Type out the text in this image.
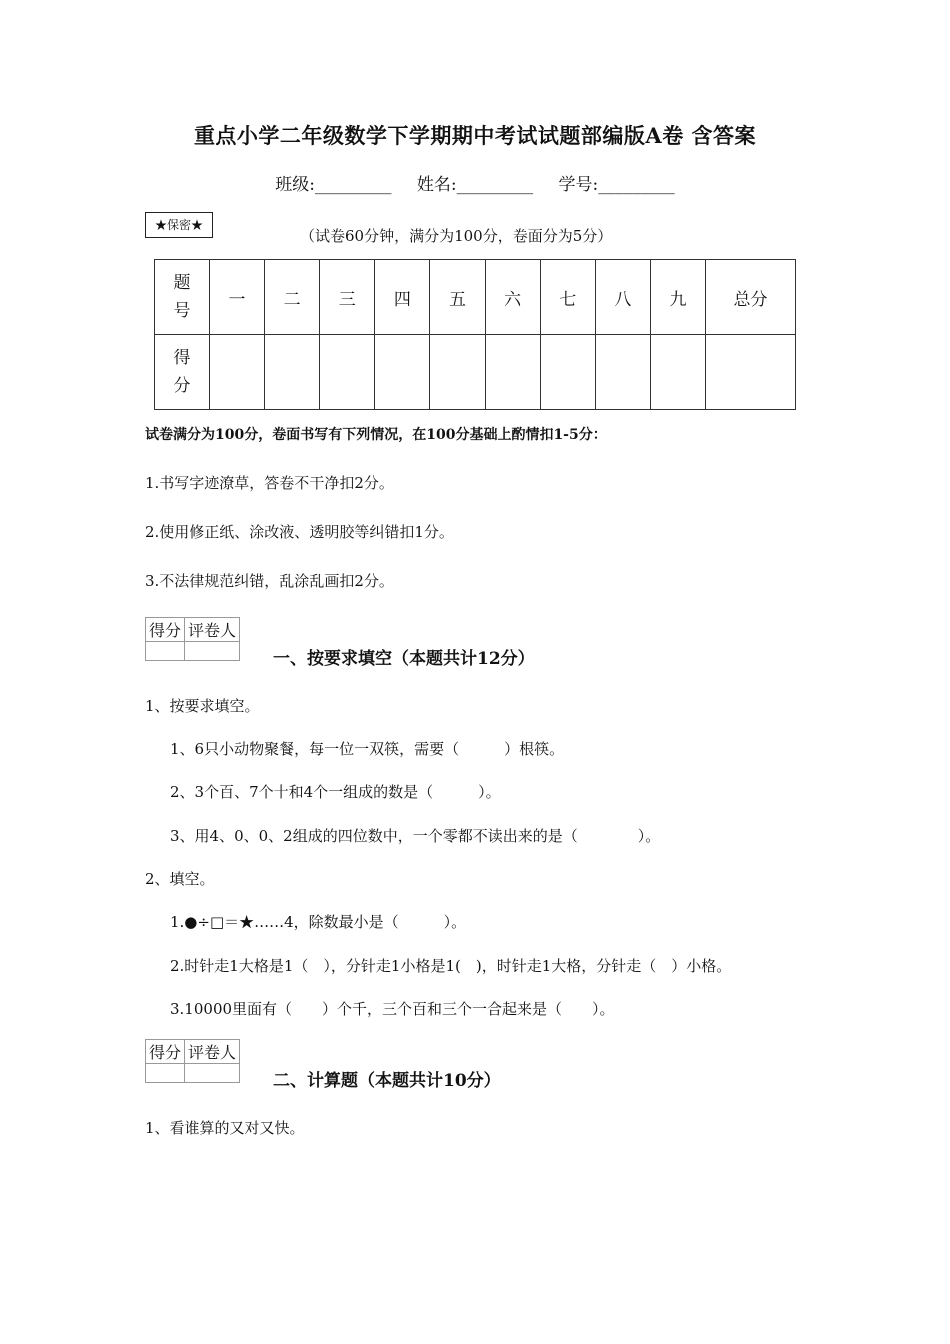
重点小学二年级数学下学期期中考试试题部编版A卷 含答案
班级:_________ 姓名:_________ 学号:_________
★保密★
（试卷60分钟，满分为100分，卷面分为5分）
题号	一	二	三	四	五	六	七	八	九	总分

得分										

试卷满分为100分，卷面书写有下列情况，在100分基础上酌情扣1-5分：
1.书写字迹潦草，答卷不干净扣2分。
2.使用修正纸、涂改液、透明胶等纠错扣1分。
3.不法律规范纠错，乱涂乱画扣2分。
得分	评卷人

一、按要求填空（本题共计12分）
1、按要求填空。
1、6只小动物聚餐，每一位一双筷，需要（　　　）根筷。
2、3个百、7个十和4个一组成的数是（　　　）。
3、用4、0、0、2组成的四位数中，一个零都不读出来的是（　　　　）。
2、填空。
1.●÷□＝★……4，除数最小是（　　　）。
2.时针走1大格是1（　），分针走1小格是1(　)，时针走1大格，分针走（　）小格。
3.10000里面有（　　）个千，三个百和三个一合起来是（　　）。
得分	评卷人

二、计算题（本题共计10分）
1、看谁算的又对又快。
